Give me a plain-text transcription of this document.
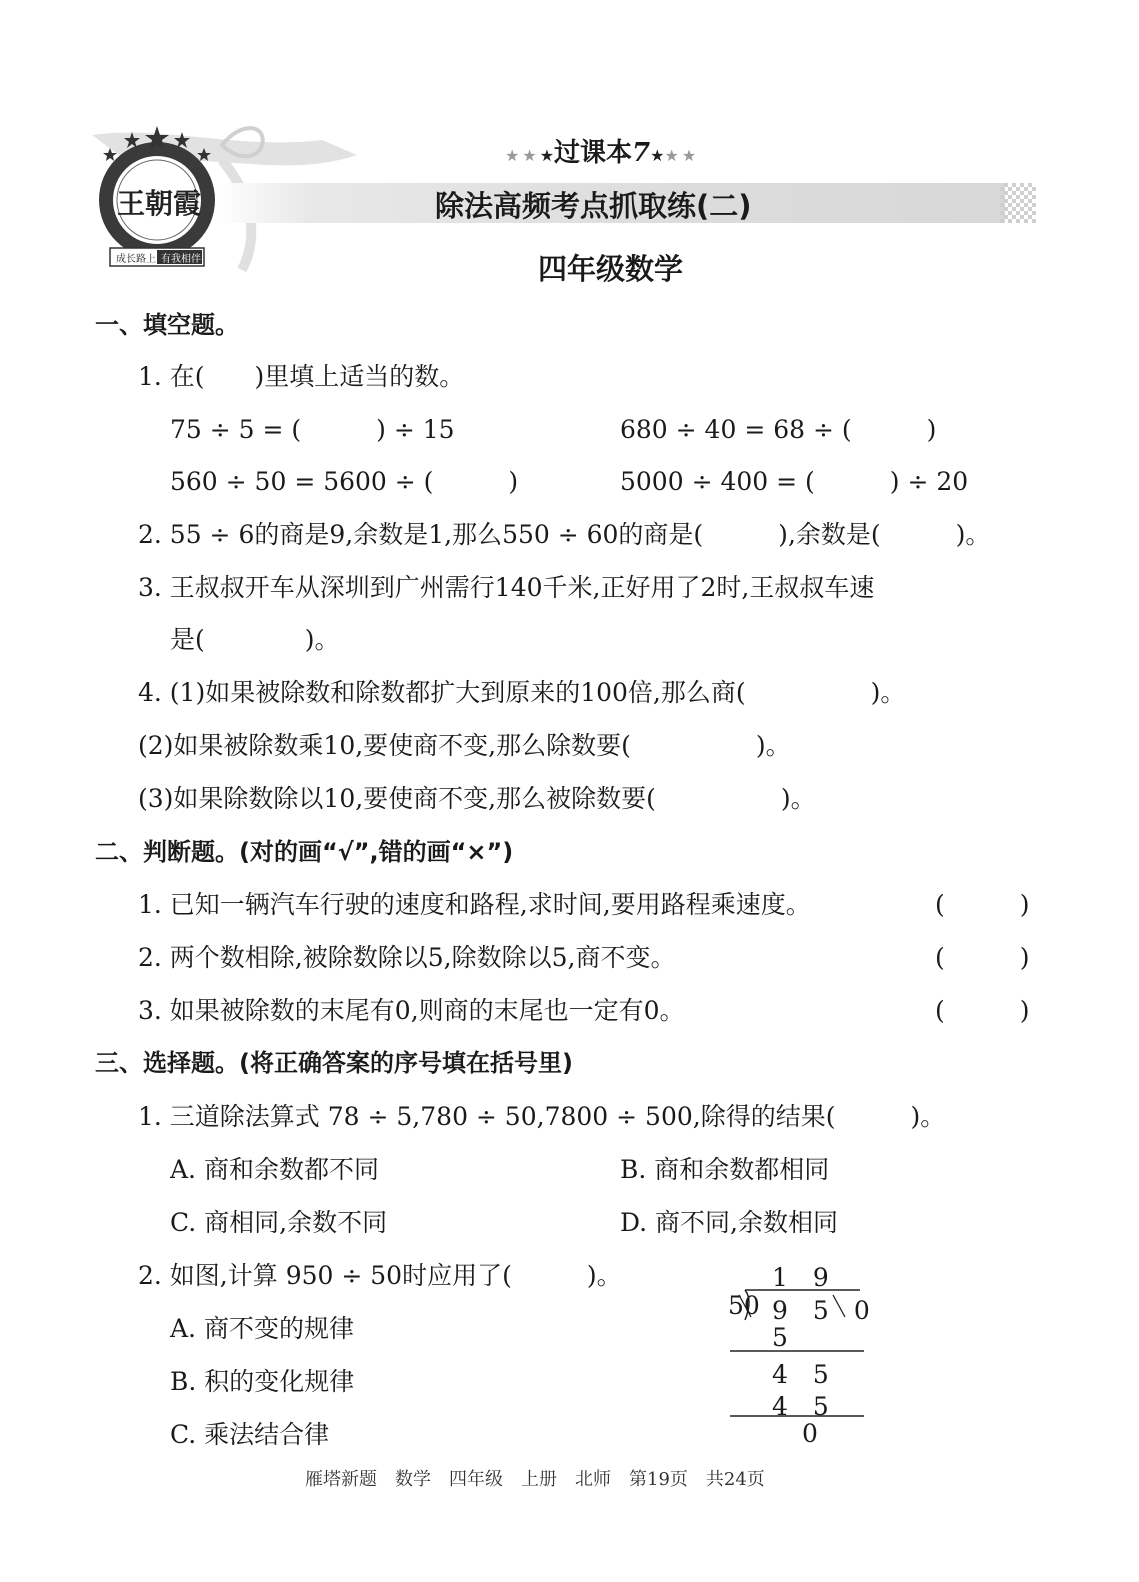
王朝霞
成长路上 有我相伴
★★★过课本7★★★
除法高频考点抓取练(二)
四年级数学
一、填空题。
1. 在(　　)里填上适当的数。
75 ÷ 5 = (　　　) ÷ 15	680 ÷ 40 = 68 ÷ (　　　)
560 ÷ 50 = 5600 ÷ (　　　)	5000 ÷ 400 = (　　　) ÷ 20
2. 55 ÷ 6的商是9,余数是1,那么550 ÷ 60的商是(　　　),余数是(　　　)。
3. 王叔叔开车从深圳到广州需行140千米,正好用了2时,王叔叔车速
是(　　　　)。
4. (1)如果被除数和除数都扩大到原来的100倍,那么商(　　　　　)。
(2)如果被除数乘10,要使商不变,那么除数要(　　　　　)。
(3)如果除数除以10,要使商不变,那么被除数要(　　　　　)。
二、判断题。(对的画“√”,错的画“×”)
1. 已知一辆汽车行驶的速度和路程,求时间,要用路程乘速度。	(　　　)
2. 两个数相除,被除数除以5,除数除以5,商不变。	(　　　)
3. 如果被除数的末尾有0,则商的末尾也一定有0。	(　　　)
三、选择题。(将正确答案的序号填在括号里)
1. 三道除法算式 78 ÷ 5,780 ÷ 50,7800 ÷ 500,除得的结果(　　　)。
A. 商和余数都不同	B. 商和余数都相同
C. 商相同,余数不同	D. 商不同,余数相同
2. 如图,计算 950 ÷ 50时应用了(　　　)。
A. 商不变的规律
B. 积的变化规律
C. 乘法结合律
1　9
50 9　5　 0
5
4　5
4　5
0
雁塔新题　数学　四年级　上册　北师　第19页　共24页
